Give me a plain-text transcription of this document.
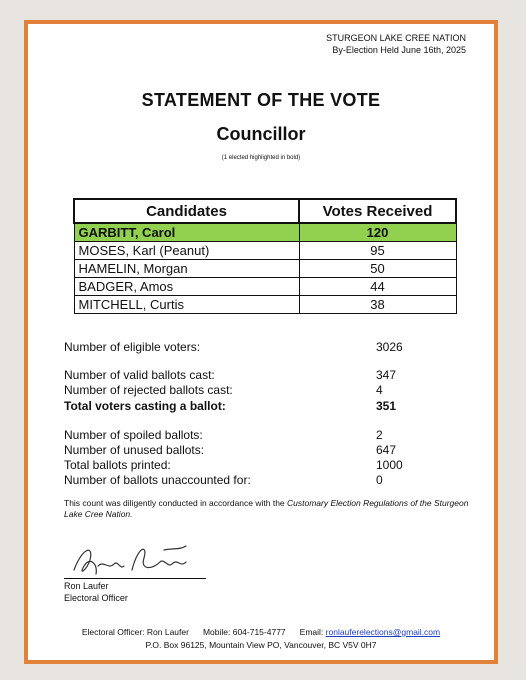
STURGEON LAKE CREE NATION
By-Election Held June 16th, 2025
STATEMENT OF THE VOTE
Councillor
(1 elected highlighted in bold)
Candidates	Votes Received
GARBITT, Carol	120
MOSES, Karl (Peanut)	95
HAMELIN, Morgan	50
BADGER, Amos	44
MITCHELL, Curtis	38
Number of eligible voters:	3026
Number of valid ballots cast:	347
Number of rejected ballots cast:	4
Total voters casting a ballot:	351
Number of spoiled ballots:	2
Number of unused ballots:	647
Total ballots printed:	1000
Number of ballots unaccounted for:	0
This count was diligently conducted in accordance with the Customary Election Regulations of the Sturgeon Lake Cree Nation.
Ron Laufer
Electoral Officer
Electoral Officer: Ron Laufer Mobile: 604-715-4777 Email: ronlauferelections@gmail.com
P.O. Box 96125, Mountain View PO, Vancouver, BC V5V 0H7
